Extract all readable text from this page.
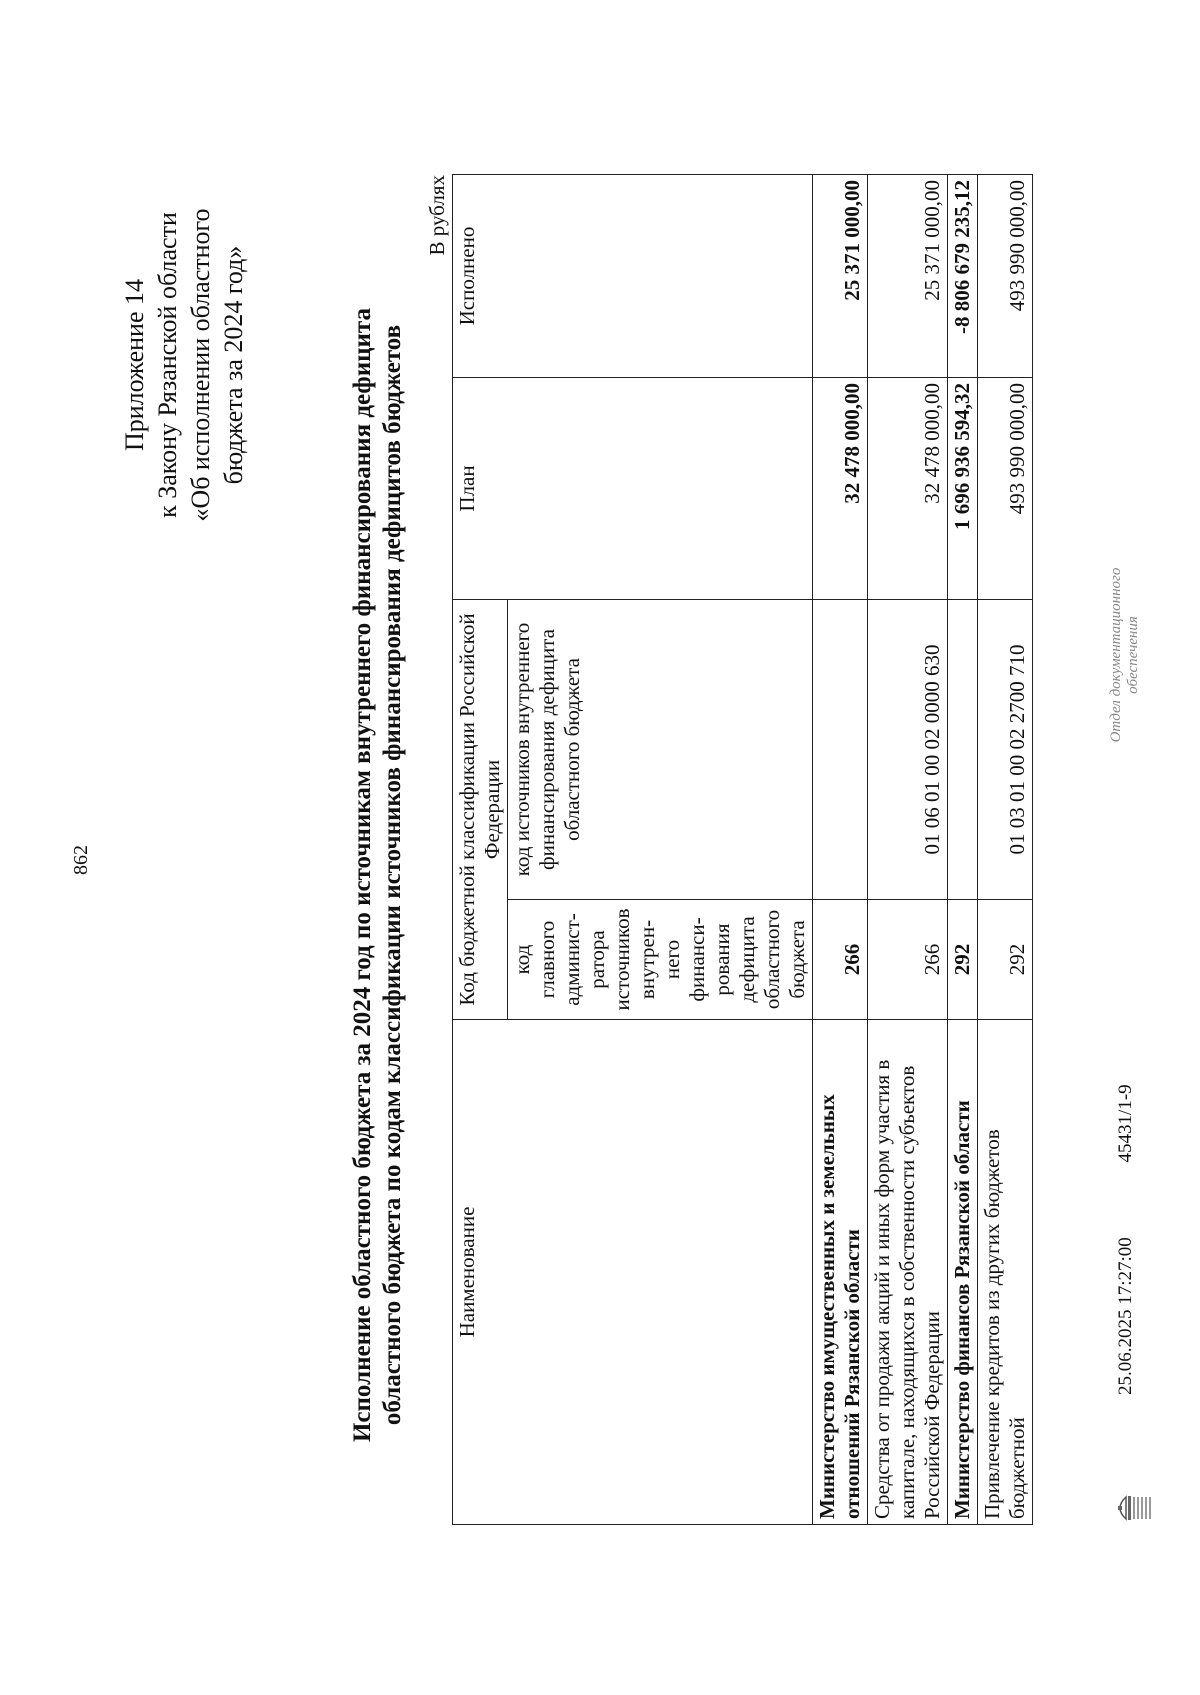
862
Приложение 14 к Закону Рязанской области «Об исполнении областного бюджета за 2024 год»	Исполнение областного бюджета за 2024 год по источникам внутреннего финансирования дефицита областного бюджета по кодам классификации источников финансирования дефицитов бюджетов
В рублях
Наименование	Код бюджетной классификации Российской Федерации		План	Исполнено
	код главного админист-ратора источников внутрен-него финанси-рования дефицита областного бюджета	код источников внутреннего финансирования дефицита областного бюджета		
Министерство имущественных и земельных отношений Рязанской области	266		32 478 000,00	25 371 000,00
Средства от продажи акций и иных форм участия в капитале, находящихся в собственности субъектов Российской Федерации	266	01 06 01 00 02 0000 630	32 478 000,00	25 371 000,00
Министерство финансов Рязанской области	292		1 696 936 594,32	-8 806 679 235,12
Привлечение кредитов из других бюджетов бюджетной	292	01 03 01 00 02 2700 710	493 990 000,00	493 990 000,00
25.06.2025 17:27:00 45431/1-9
Отдел документационного обеспечения
